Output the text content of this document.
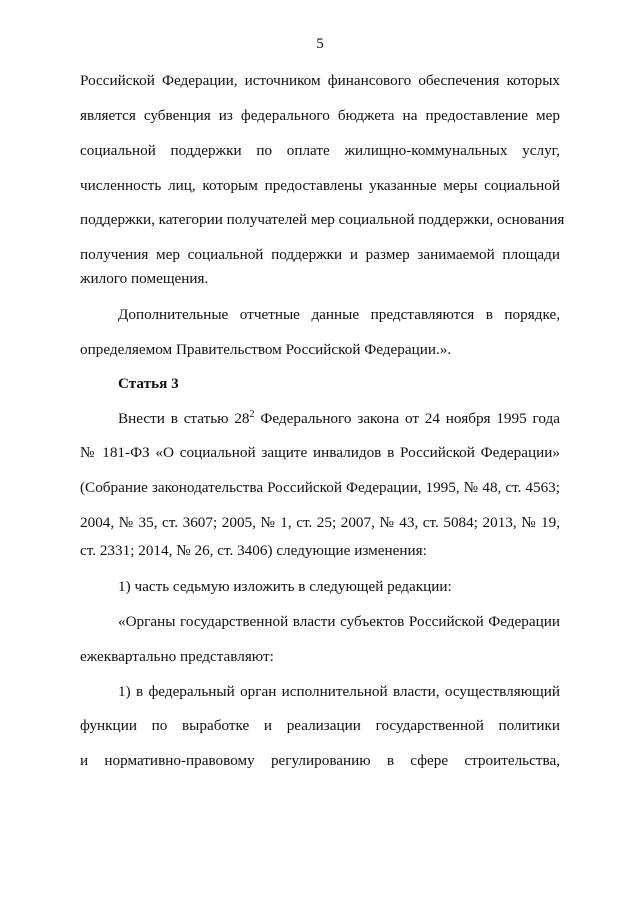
5
Российской Федерации, источником финансового обеспечения которых
является субвенция из федерального бюджета на предоставление мер
социальной поддержки по оплате жилищно-коммунальных услуг,
численность лиц, которым предоставлены указанные меры социальной
поддержки, категории получателей мер социальной поддержки, основания
получения мер социальной поддержки и размер занимаемой площади
жилого помещения.
Дополнительные отчетные данные представляются в порядке,
определяемом Правительством Российской Федерации.».
Статья 3
Внести в статью $28^2$ Федерального закона от 24 ноября 1995 года
№ 181-ФЗ «О социальной защите инвалидов в Российской Федерации»
(Собрание законодательства Российской Федерации, 1995, № 48, ст. 4563;
2004, № 35, ст. 3607; 2005, № 1, ст. 25; 2007, № 43, ст. 5084; 2013, № 19,
ст. 2331; 2014, № 26, ст. 3406) следующие изменения:
1) часть седьмую изложить в следующей редакции:
«Органы государственной власти субъектов Российской Федерации
ежеквартально представляют:
1) в федеральный орган исполнительной власти, осуществляющий
функции по выработке и реализации государственной политики
и нормативно-правовому регулированию в сфере строительства,
